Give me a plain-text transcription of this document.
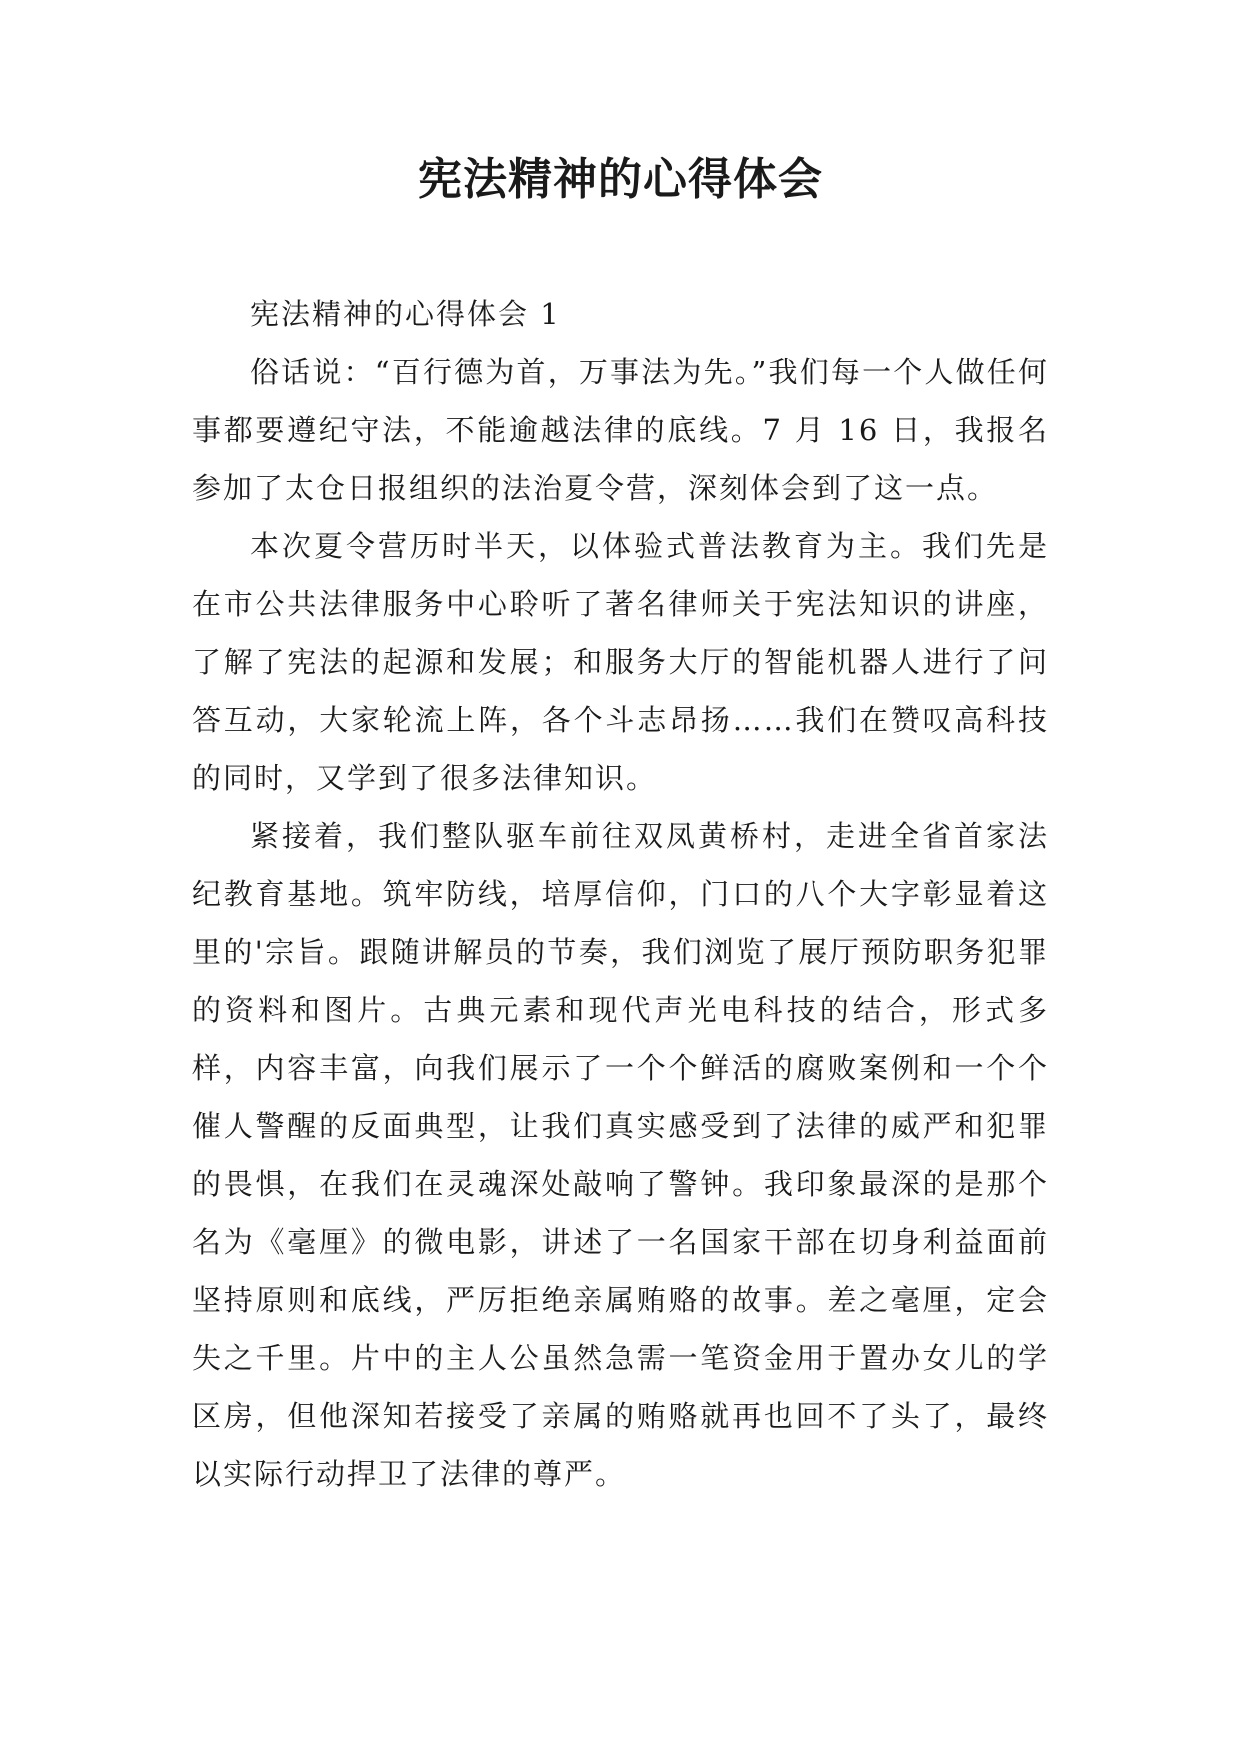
宪法精神的心得体会

宪法精神的心得体会 1

俗话说：“百行德为首，万事法为先。”我们每一个人做任何事都要遵纪守法，不能逾越法律的底线。7 月 16 日，我报名参加了太仓日报组织的法治夏令营，深刻体会到了这一点。

本次夏令营历时半天，以体验式普法教育为主。我们先是在市公共法律服务中心聆听了著名律师关于宪法知识的讲座，了解了宪法的起源和发展；和服务大厅的智能机器人进行了问答互动，大家轮流上阵，各个斗志昂扬……我们在赞叹高科技的同时，又学到了很多法律知识。

紧接着，我们整队驱车前往双凤黄桥村，走进全省首家法纪教育基地。筑牢防线，培厚信仰，门口的八个大字彰显着这里的'宗旨。跟随讲解员的节奏，我们浏览了展厅预防职务犯罪的资料和图片。古典元素和现代声光电科技的结合，形式多样，内容丰富，向我们展示了一个个鲜活的腐败案例和一个个催人警醒的反面典型，让我们真实感受到了法律的威严和犯罪的畏惧，在我们在灵魂深处敲响了警钟。我印象最深的是那个名为《毫厘》的微电影，讲述了一名国家干部在切身利益面前坚持原则和底线，严厉拒绝亲属贿赂的故事。差之毫厘，定会失之千里。片中的主人公虽然急需一笔资金用于置办女儿的学区房，但他深知若接受了亲属的贿赂就再也回不了头了，最终以实际行动捍卫了法律的尊严。
